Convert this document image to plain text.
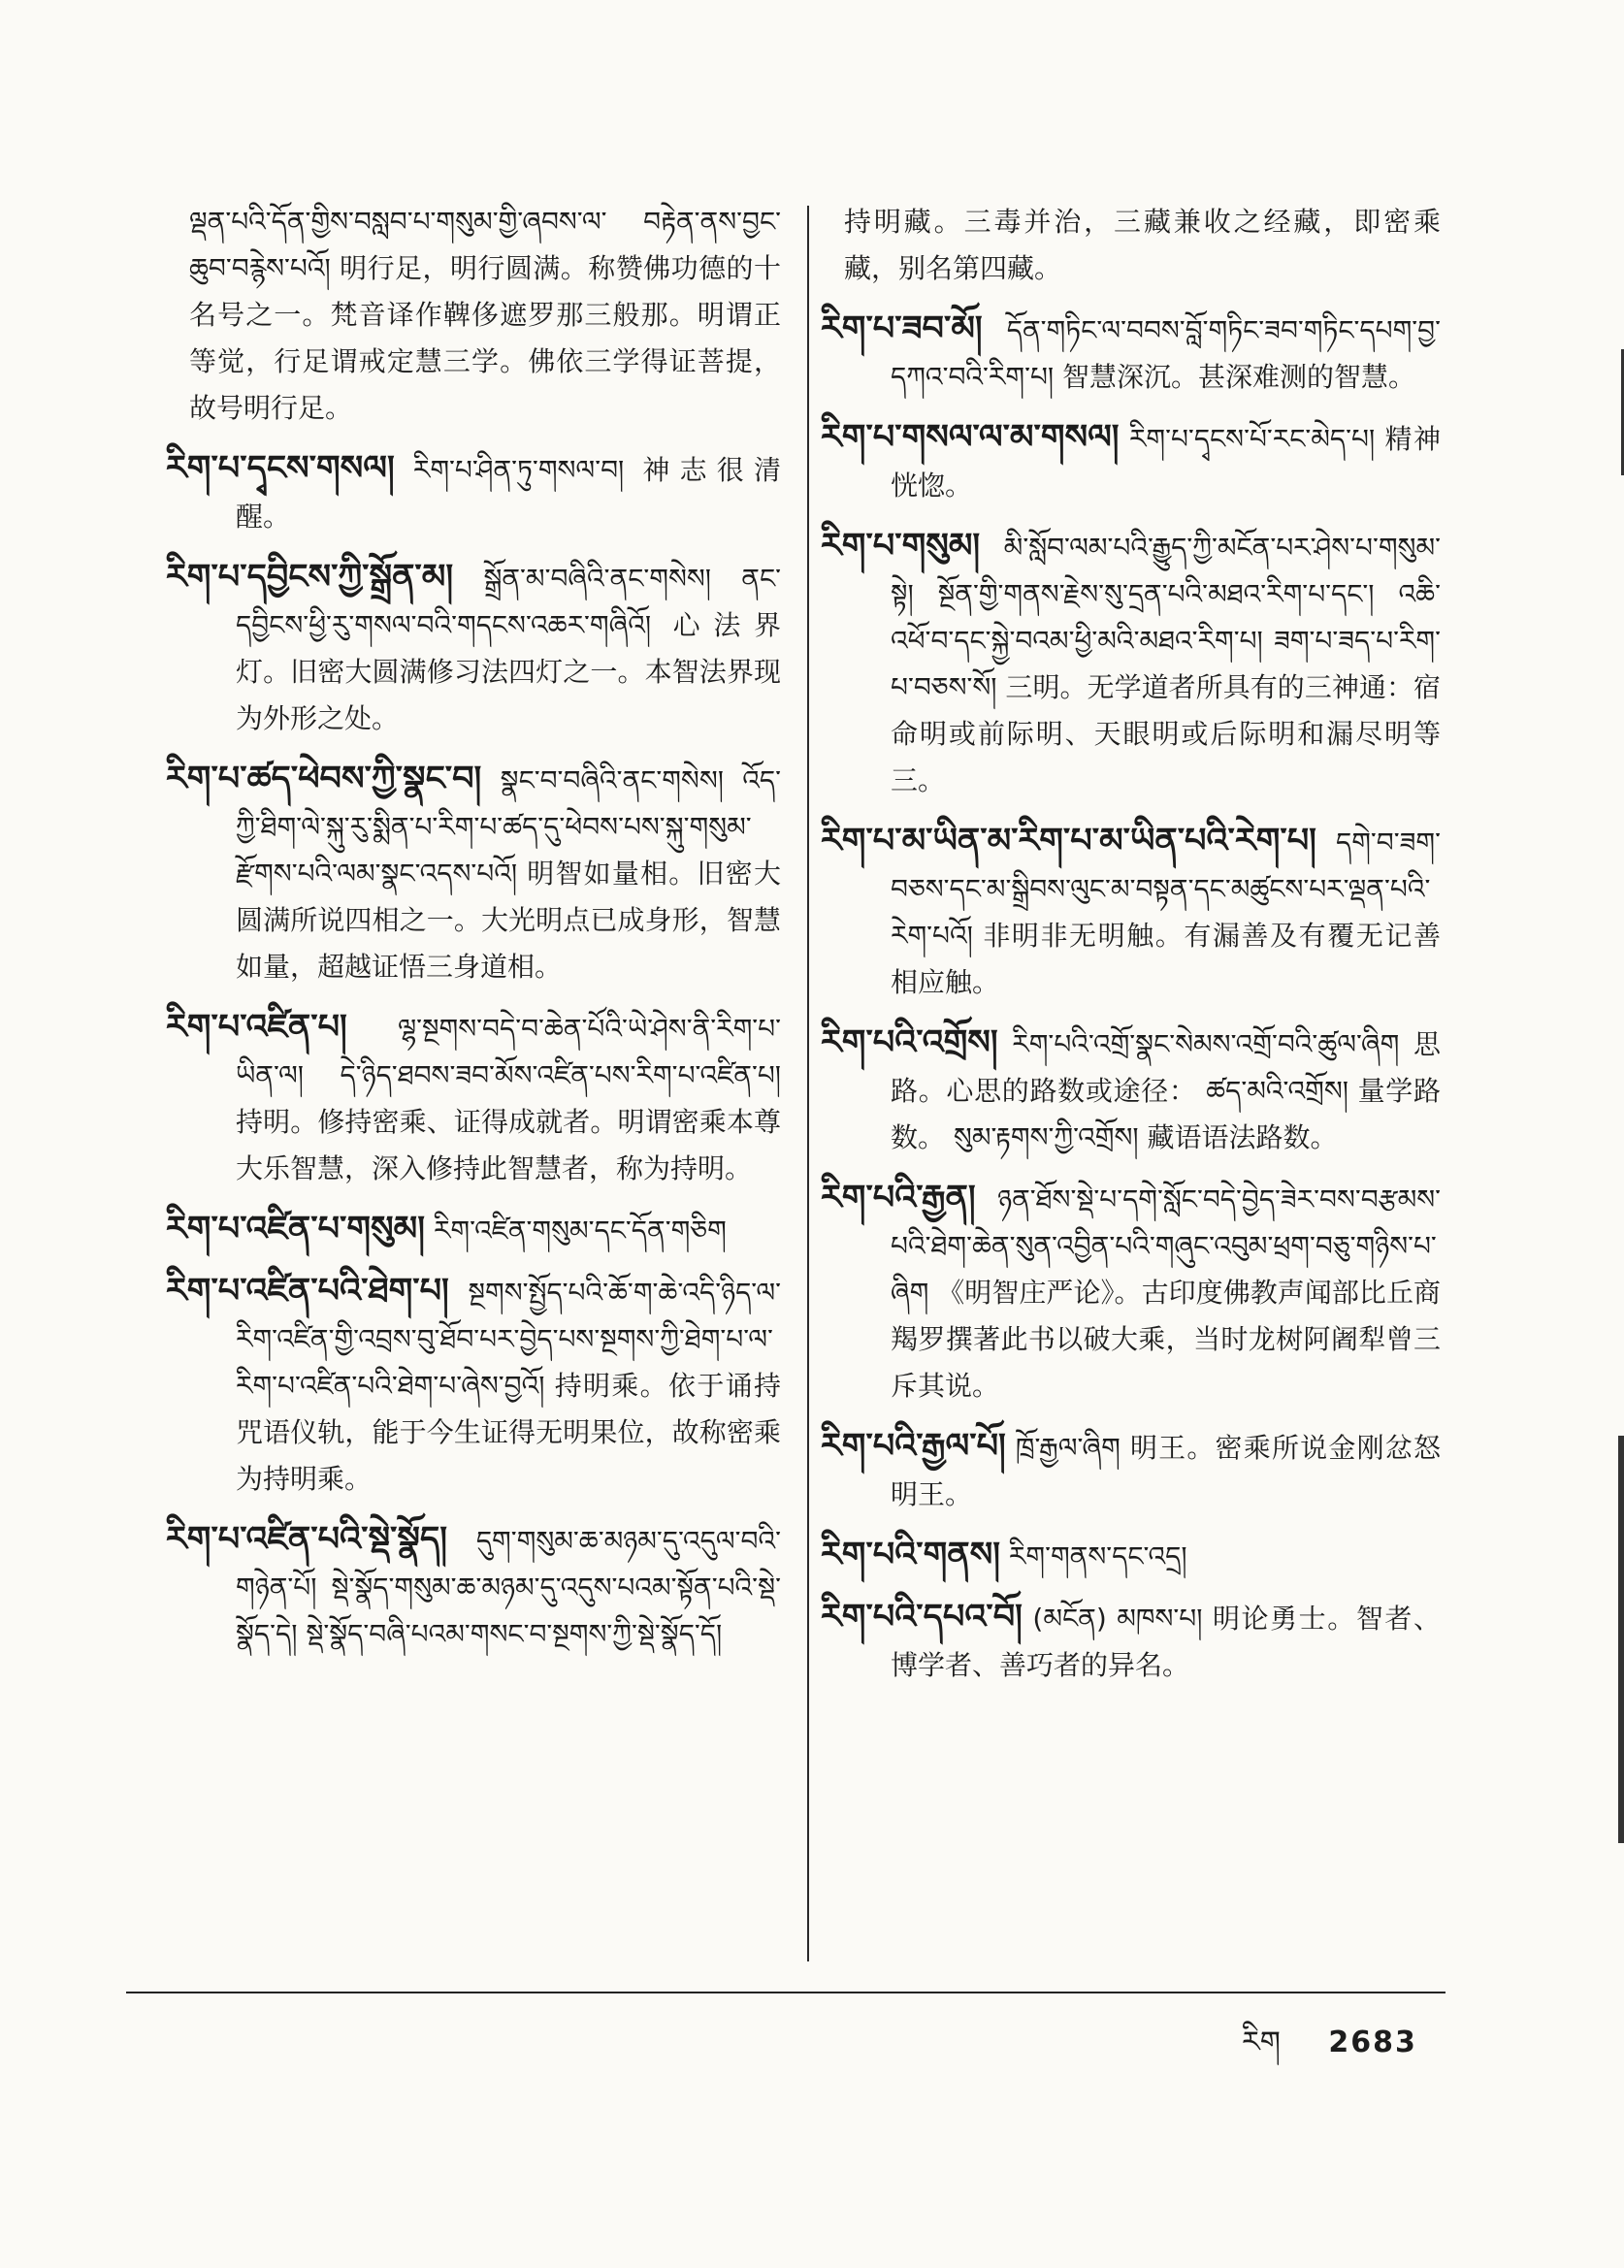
ལྡན་པའི་དོན་གྱིས་བསླབ་པ་གསུམ་གྱི་ཞབས་ལ་ བརྟེན་ནས་བྱང་ཆུབ་བརྙེས་པའོ། 明行足，明行圆满。称赞佛功德的十名号之一。梵音译作鞞侈遮罗那三般那。明谓正等觉，行足谓戒定慧三学。佛依三学得证菩提，故号明行足。

རིག་པ་དྭངས་གསལ། རིག་པ་ཤིན་ཏུ་གསལ་བ། 神志很清醒。

རིག་པ་དབྱིངས་ཀྱི་སྒྲོན་མ། སྒྲོན་མ་བཞིའི་ནང་གསེས། ནང་དབྱིངས་ཕྱི་རུ་གསལ་བའི་གདངས་འཆར་གཞིའོ། 心法界灯。旧密大圆满修习法四灯之一。本智法界现为外形之处。

རིག་པ་ཚད་ཕེབས་ཀྱི་སྣང་བ། སྣང་བ་བཞིའི་ནང་གསེས། འོད་ཀྱི་ཐིག་ལེ་སྐུ་རུ་སྨིན་པ་རིག་པ་ཚད་དུ་ཕེབས་པས་སྐུ་གསུམ་རྫོགས་པའི་ལམ་སྣང་འདས་པའོ། 明智如量相。旧密大圆满所说四相之一。大光明点已成身形，智慧如量，超越证悟三身道相。

རིག་པ་འཛིན་པ། ལྷ་སྔགས་བདེ་བ་ཆེན་པོའི་ཡེ་ཤེས་ནི་རིག་པ་ཡིན་ལ། དེ་ཉིད་ཐབས་ཟབ་མོས་འཛིན་པས་རིག་པ་འཛིན་པ། 持明。修持密乘、证得成就者。明谓密乘本尊大乐智慧，深入修持此智慧者，称为持明。

རིག་པ་འཛིན་པ་གསུམ། རིག་འཛིན་གསུམ་དང་དོན་གཅིག

རིག་པ་འཛིན་པའི་ཐེག་པ། སྔགས་སྤྱོད་པའི་ཆོ་ག་ཆེ་འདི་ཉིད་ལ་རིག་འཛིན་གྱི་འབྲས་བུ་ཐོབ་པར་བྱེད་པས་སྔགས་ཀྱི་ཐེག་པ་ལ་རིག་པ་འཛིན་པའི་ཐེག་པ་ཞེས་བྱའོ། 持明乘。依于诵持咒语仪轨，能于今生证得无明果位，故称密乘为持明乘。

རིག་པ་འཛིན་པའི་སྡེ་སྣོད། དུག་གསུམ་ཆ་མཉམ་དུ་འདུལ་བའི་གཉེན་པོ། སྡེ་སྣོད་གསུམ་ཆ་མཉམ་དུ་འདུས་པའམ་སྟོན་པའི་སྡེ་སྣོད་དེ། སྡེ་སྣོད་བཞི་པའམ་གསང་བ་སྔགས་ཀྱི་སྡེ་སྣོད་དོ།

持明藏。三毒并治，三藏兼收之经藏，即密乘藏，别名第四藏。

རིག་པ་ཟབ་མོ། དོན་གཏིང་ལ་བབས་བློ་གཏིང་ཟབ་གཏིང་དཔག་བྱ་དཀའ་བའི་རིག་པ། 智慧深沉。甚深难测的智慧。

རིག་པ་གསལ་ལ་མ་གསལ། རིག་པ་དྭངས་པོ་རང་མེད་པ། 精神恍惚。

རིག་པ་གསུམ། མི་སློབ་ལམ་པའི་རྒྱུད་ཀྱི་མངོན་པར་ཤེས་པ་གསུམ་སྟེ། སྔོན་གྱི་གནས་རྗེས་སུ་དྲན་པའི་མཐའ་རིག་པ་དང་། འཆི་འཕོ་བ་དང་སྐྱེ་བའམ་ཕྱི་མའི་མཐའ་རིག་པ། ཟག་པ་ཟད་པ་རིག་པ་བཅས་སོ། 三明。无学道者所具有的三神通：宿命明或前际明、天眼明或后际明和漏尽明等三。

རིག་པ་མ་ཡིན་མ་རིག་པ་མ་ཡིན་པའི་རེག་པ། དགེ་བ་ཟག་བཅས་དང་མ་སྒྲིབས་ལུང་མ་བསྟན་དང་མཚུངས་པར་ལྡན་པའི་རེག་པའོ། 非明非无明触。有漏善及有覆无记善相应触。

རིག་པའི་འགྲོས། རིག་པའི་འགྲོ་སྣང་སེམས་འགྲོ་བའི་ཚུལ་ཞིག 思路。心思的路数或途径： ཚད་མའི་འགྲོས། 量学路数。 སུམ་རྟགས་ཀྱི་འགྲོས། 藏语语法路数。

རིག་པའི་རྒྱན། ཉན་ཐོས་སྡེ་པ་དགེ་སློང་བདེ་བྱེད་ཟེར་བས་བརྩམས་པའི་ཐེག་ཆེན་སུན་འབྱིན་པའི་གཞུང་འབུམ་ཕྲག་བཅུ་གཉིས་པ་ཞིག 《明智庄严论》。古印度佛教声闻部比丘商羯罗撰著此书以破大乘，当时龙树阿阇犁曾三斥其说。

རིག་པའི་རྒྱལ་པོ། ཁྲོ་རྒྱལ་ཞིག 明王。密乘所说金刚忿怒明王。

རིག་པའི་གནས། རིག་གནས་དང་འདྲ།

རིག་པའི་དཔའ་བོ། (མངོན) མཁས་པ། 明论勇士。智者、博学者、善巧者的异名。

རིག 2683
